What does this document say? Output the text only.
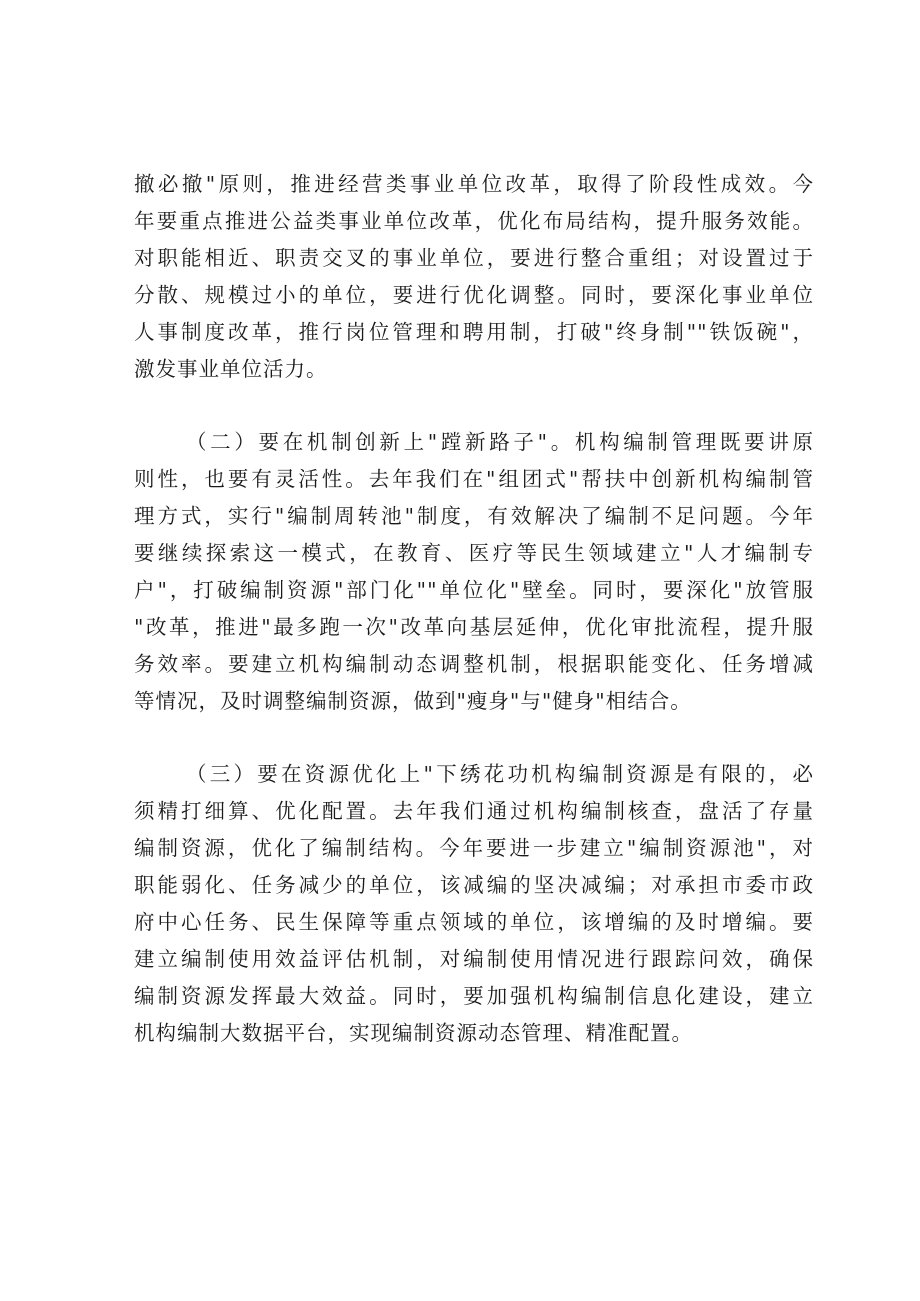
撤必撤"原则，推进经营类事业单位改革，取得了阶段性成效。今
年要重点推进公益类事业单位改革，优化布局结构，提升服务效能。
对职能相近、职责交叉的事业单位，要进行整合重组；对设置过于
分散、规模过小的单位，要进行优化调整。同时，要深化事业单位
人事制度改革，推行岗位管理和聘用制，打破"终身制""铁饭碗"，
激发事业单位活力。
（二）要在机制创新上"蹚新路子"。机构编制管理既要讲原
则性，也要有灵活性。去年我们在"组团式"帮扶中创新机构编制管
理方式，实行"编制周转池"制度，有效解决了编制不足问题。今年
要继续探索这一模式，在教育、医疗等民生领域建立"人才编制专
户"，打破编制资源"部门化""单位化"壁垒。同时，要深化"放管服
"改革，推进"最多跑一次"改革向基层延伸，优化审批流程，提升服
务效率。要建立机构编制动态调整机制，根据职能变化、任务增减
等情况，及时调整编制资源，做到"瘦身"与"健身"相结合。
（三）要在资源优化上"下绣花功机构编制资源是有限的，必
须精打细算、优化配置。去年我们通过机构编制核查，盘活了存量
编制资源，优化了编制结构。今年要进一步建立"编制资源池"，对
职能弱化、任务减少的单位，该减编的坚决减编；对承担市委市政
府中心任务、民生保障等重点领域的单位，该增编的及时增编。要
建立编制使用效益评估机制，对编制使用情况进行跟踪问效，确保
编制资源发挥最大效益。同时，要加强机构编制信息化建设，建立
机构编制大数据平台，实现编制资源动态管理、精准配置。
